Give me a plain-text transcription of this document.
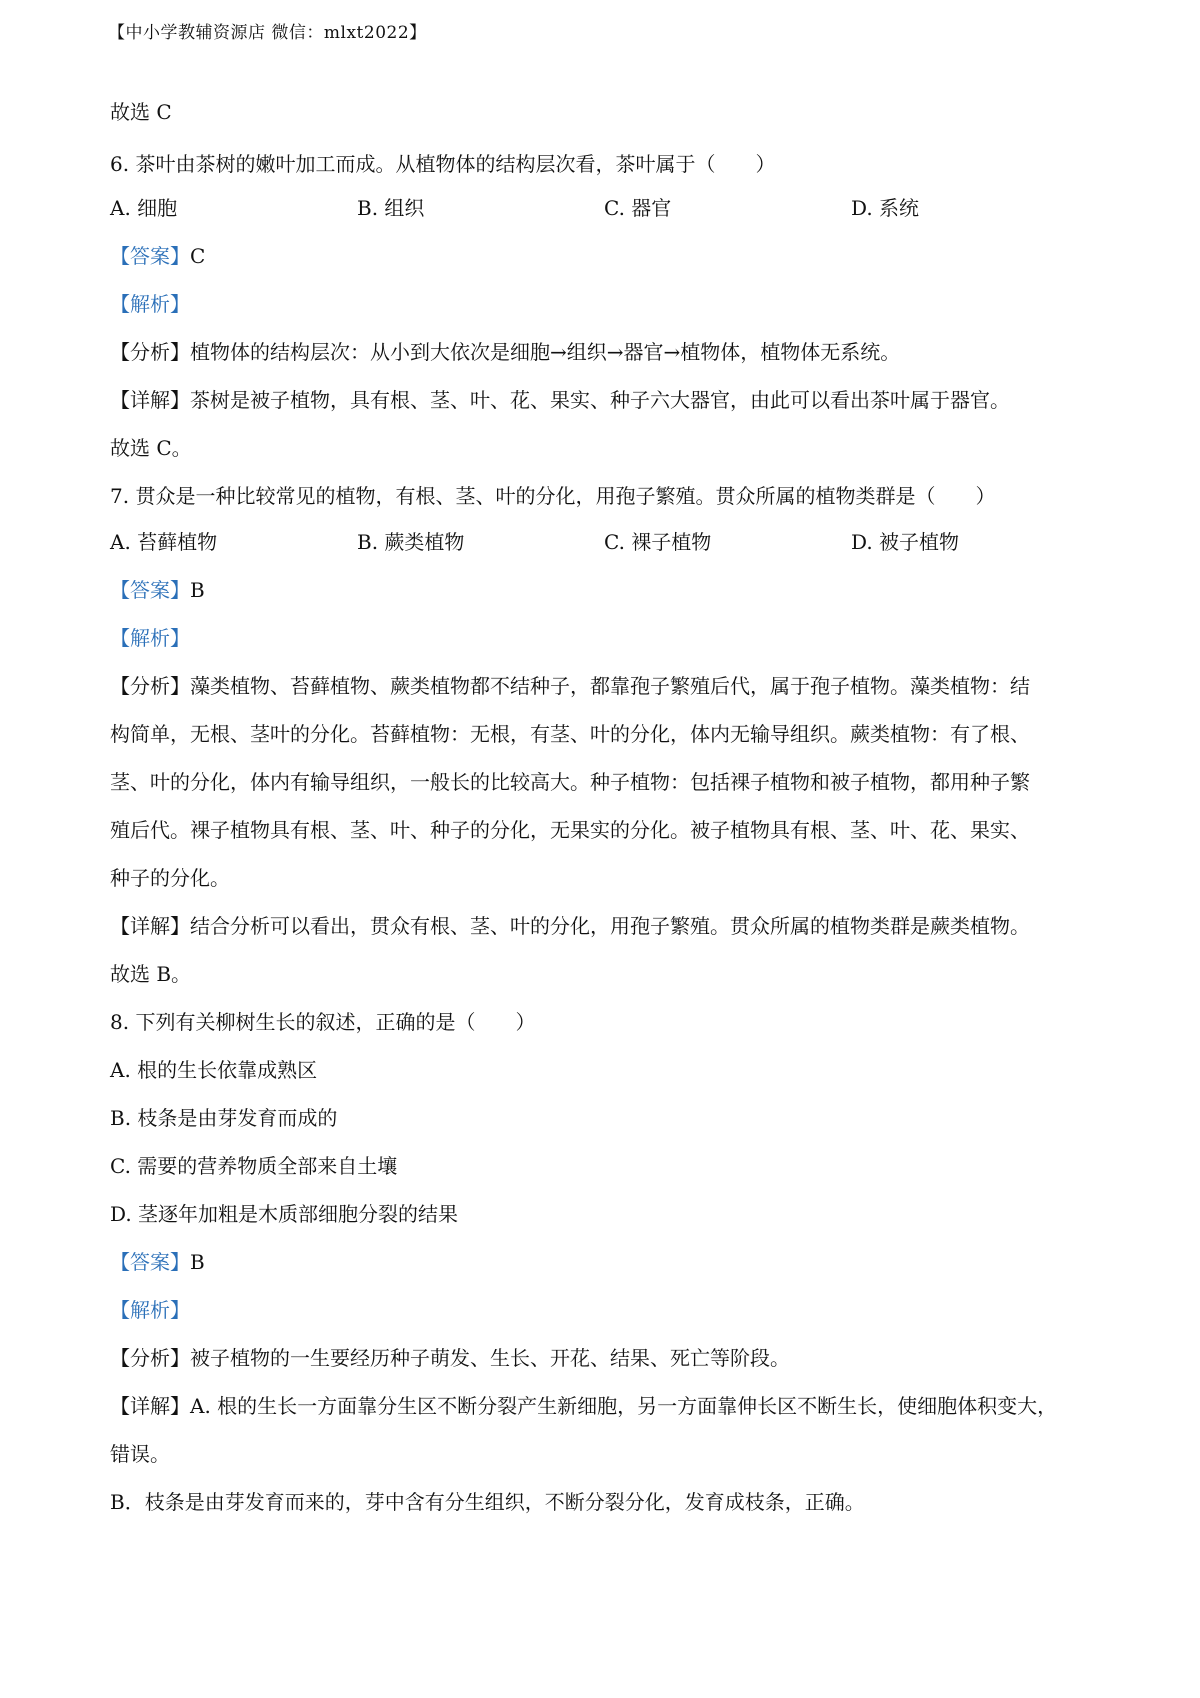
【中小学教辅资源店 微信：mlxt2022】
故选 C
6. 茶叶由茶树的嫩叶加工而成。从植物体的结构层次看，茶叶属于（　　）
A. 细胞	B. 组织	C. 器官	D. 系统
【答案】C
【解析】
【分析】植物体的结构层次：从小到大依次是细胞→组织→器官→植物体，植物体无系统。
【详解】茶树是被子植物，具有根、茎、叶、花、果实、种子六大器官，由此可以看出茶叶属于器官。
故选 C。
7. 贯众是一种比较常见的植物，有根、茎、叶的分化，用孢子繁殖。贯众所属的植物类群是（　　）
A. 苔藓植物	B. 蕨类植物	C. 裸子植物	D. 被子植物
【答案】B
【解析】
【分析】藻类植物、苔藓植物、蕨类植物都不结种子，都靠孢子繁殖后代，属于孢子植物。藻类植物：结
构简单，无根、茎叶的分化。苔藓植物：无根，有茎、叶的分化，体内无输导组织。蕨类植物：有了根、
茎、叶的分化，体内有输导组织，一般长的比较高大。种子植物：包括裸子植物和被子植物，都用种子繁
殖后代。裸子植物具有根、茎、叶、种子的分化，无果实的分化。被子植物具有根、茎、叶、花、果实、
种子的分化。
【详解】结合分析可以看出，贯众有根、茎、叶的分化，用孢子繁殖。贯众所属的植物类群是蕨类植物。
故选 B。
8. 下列有关柳树生长的叙述，正确的是（　　）
A. 根的生长依靠成熟区
B. 枝条是由芽发育而成的
C. 需要的营养物质全部来自土壤
D. 茎逐年加粗是木质部细胞分裂的结果
【答案】B
【解析】
【分析】被子植物的一生要经历种子萌发、生长、开花、结果、死亡等阶段。
【详解】A. 根的生长一方面靠分生区不断分裂产生新细胞，另一方面靠伸长区不断生长，使细胞体积变大，
错误。
B．枝条是由芽发育而来的，芽中含有分生组织，不断分裂分化，发育成枝条，正确。
